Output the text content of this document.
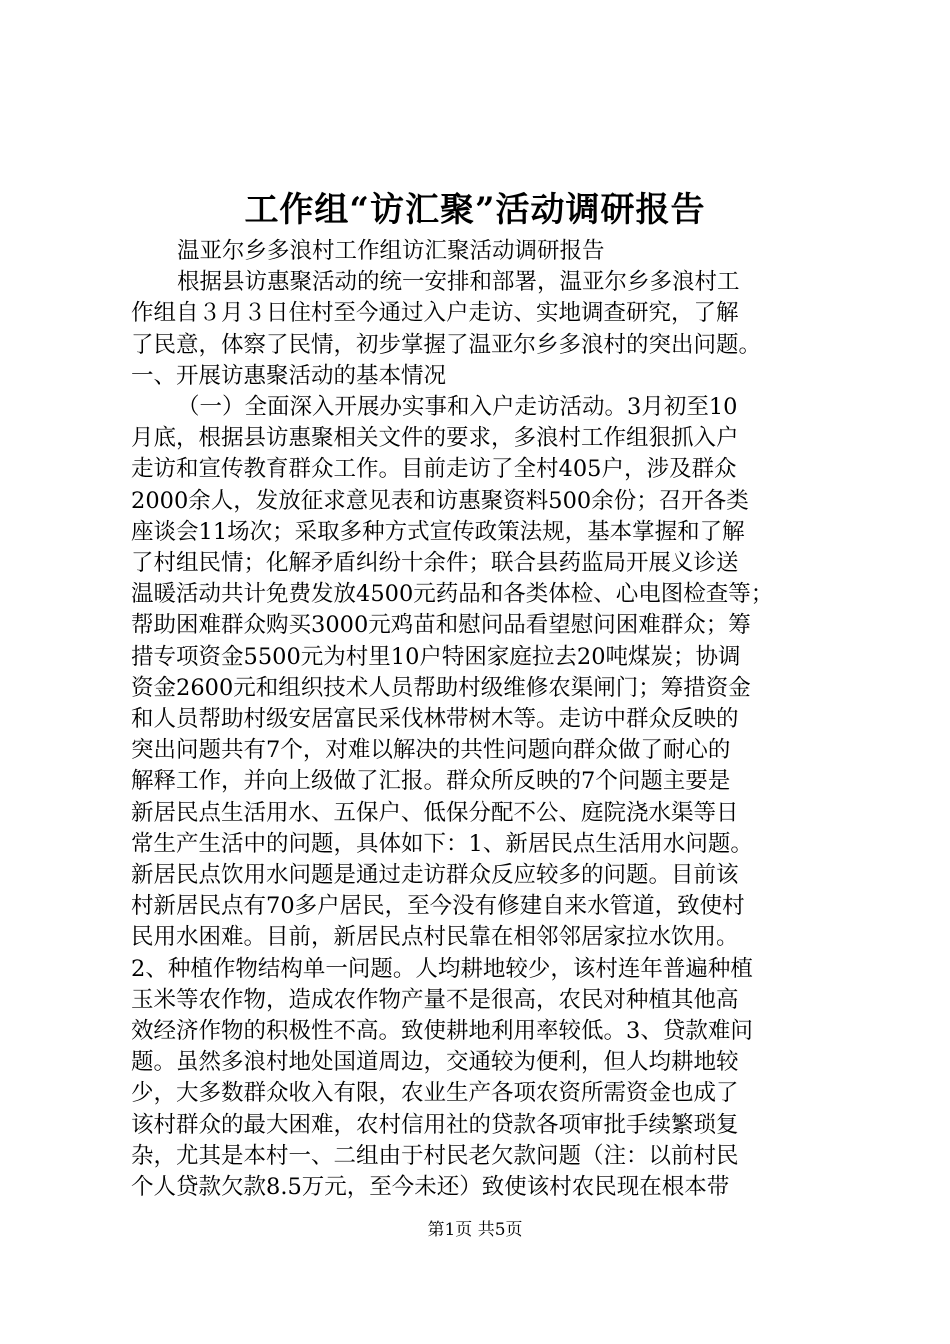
工作组“访汇聚”活动调研报告

温亚尔乡多浪村工作组访汇聚活动调研报告

根据县访惠聚活动的统一安排和部署，温亚尔乡多浪村工

作组自３月３日住村至今通过入户走访、实地调查研究，了解

了民意，体察了民情，初步掌握了温亚尔乡多浪村的突出问题。

一、开展访惠聚活动的基本情况

（一）全面深入开展办实事和入户走访活动。3月初至10

月底，根据县访惠聚相关文件的要求，多浪村工作组狠抓入户

走访和宣传教育群众工作。目前走访了全村405户，涉及群众

2000余人，发放征求意见表和访惠聚资料500余份；召开各类

座谈会11场次；采取多种方式宣传政策法规，基本掌握和了解

了村组民情；化解矛盾纠纷十余件；联合县药监局开展义诊送

温暖活动共计免费发放4500元药品和各类体检、心电图检查等；

帮助困难群众购买3000元鸡苗和慰问品看望慰问困难群众；筹

措专项资金5500元为村里10户特困家庭拉去20吨煤炭；协调

资金2600元和组织技术人员帮助村级维修农渠闸门；筹措资金

和人员帮助村级安居富民采伐林带树木等。走访中群众反映的

突出问题共有7个，对难以解决的共性问题向群众做了耐心的

解释工作，并向上级做了汇报。群众所反映的7个问题主要是

新居民点生活用水、五保户、低保分配不公、庭院浇水渠等日

常生产生活中的问题，具体如下：1、新居民点生活用水问题。

新居民点饮用水问题是通过走访群众反应较多的问题。目前该

村新居民点有70多户居民，至今没有修建自来水管道，致使村

民用水困难。目前，新居民点村民靠在相邻邻居家拉水饮用。

2、种植作物结构单一问题。人均耕地较少，该村连年普遍种植

玉米等农作物，造成农作物产量不是很高，农民对种植其他高

效经济作物的积极性不高。致使耕地利用率较低。3、贷款难问

题。虽然多浪村地处国道周边，交通较为便利，但人均耕地较

少，大多数群众收入有限，农业生产各项农资所需资金也成了

该村群众的最大困难，农村信用社的贷款各项审批手续繁琐复

杂，尤其是本村一、二组由于村民老欠款问题（注：以前村民

个人贷款欠款8.5万元，至今未还）致使该村农民现在根本带

第1页 共5页
